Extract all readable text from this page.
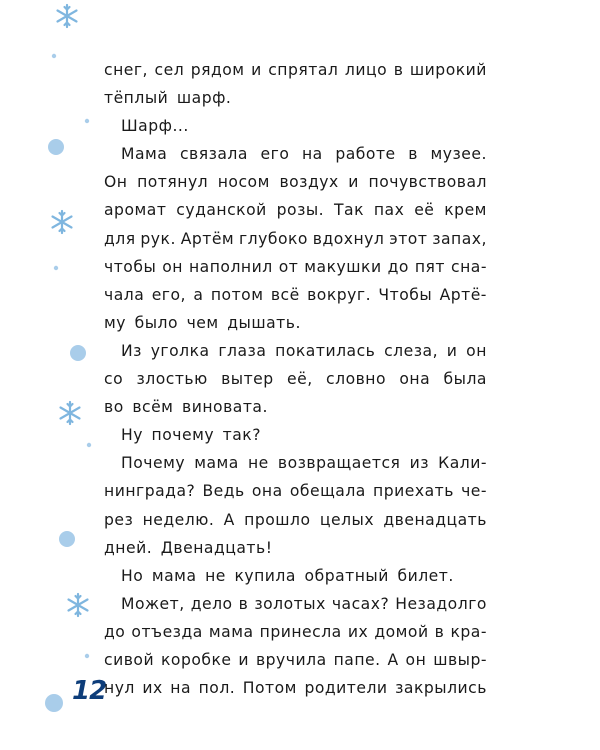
12
снег, сел рядом и спрятал лицо в широкий
тёплый шарф.
Шарф...
Мама связала его на работе в музее.
Он потянул носом воздух и почувствовал
аромат суданской розы. Так пах её крем
для рук. Артём глубоко вдохнул этот запах,
чтобы он наполнил от макушки до пят сна-
чала его, а потом всё вокруг. Чтобы Артё-
му было чем дышать.
Из уголка глаза покатилась слеза, и он
со злостью вытер её, словно она была
во всём виновата.
Ну почему так?
Почему мама не возвращается из Кали-
нинграда? Ведь она обещала приехать че-
рез неделю. А прошло целых двенадцать
дней. Двенадцать!
Но мама не купила обратный билет.
Может, дело в золотых часах? Незадолго
до отъезда мама принесла их домой в кра-
сивой коробке и вручила папе. А он швыр-
нул их на пол. Потом родители закрылись
